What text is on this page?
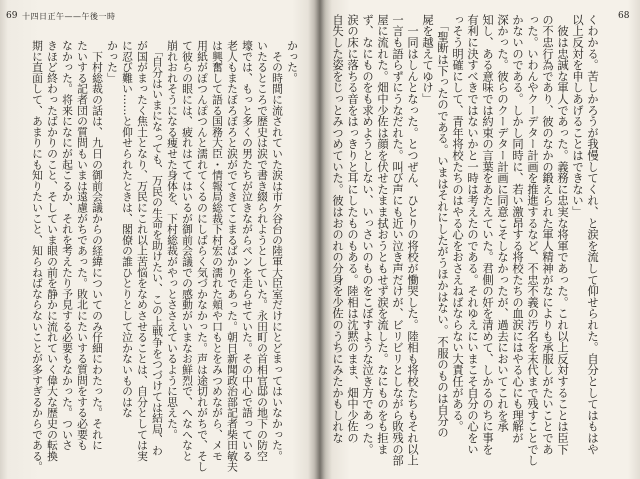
69 十四日正午——午後一時

かった。

　その時間に流されていた涙は市ケ谷台の陸軍大臣室だけにとどまってはいなかった。

いたるところで歴史は涙で書き綴られようとしていた。永田町の首相官邸の地下の防空

壕では、もっと多くの男たちが泣きながらペンを走らせていた。その中心で語っている

老人もまたぼろぼろと涙がでてきてこまるばかりであった。朝日新聞政治部記者柴田敏夫

は興奮して語る国務大臣・情報局総裁下村宏の濡れた頬や口もとをみつめながら、メモ

用紙がぽつんぽつんと濡れてくるのにしばらく気づかなかった。声は途切れがちで、そし

て彼らの眼には、疲れはててはいるが御前会議での感動がいまなお鮮烈で、へなへなと

崩れおれそうになる痩せた身体を、下村総裁がやっとささえているように思えた。

　「自分はいまになっても、万民の生命を助けたい、この上戦争をつづけては結局、わ

が国がまったく焦土となり、万民にこれ以上苦悩をなめさせることは、自分としては実

に忍び難い……と仰せられたときは、閣僚の誰ひとりとして泣かないものはな

かった」

　下村総裁の話は、九日の御前会議からの経緯についてのみ仔細にわたった。それに

たいする記者団の質問もいまは遠慮がちであった。敗北にたいする質問をする必要も

なかった。将来になにが起こるか、それを考えたり予見する必要もなかった。ついさ

きほど終わったばかりのこと、そしていま眼の前を静かに流れていく偉大な歴史の転換

期に直面して、あまりにも知りたいこと、知らねばならないことが多すぎるからである。

68

くわかる。苦しかろうが我慢してくれ、と涙を流して仰せられた。自分としてはもはや

以上反対を申しあげることはできない」

　彼は忠誠な軍人であった。義務に忠実な将軍であった。これ以上反対することは臣下

の不忠行為であり、彼のなかの鍛えられた軍人精神がなによりも承服しがたいことであ

った。いわんやクーデター計画を推進するなど、不忠不義の汚名を末代まで残すことでし

かないのである。しかし同時に、若い激昂する将校たちの血涙にはやる心にも理解が

深かった。彼らのクーデター計画に同意こそしなかったが、過去においてこれを承

知し、ある意味では約束の言葉をあたえていた。君側の奸を清めて、しかるのちに事を

有利に決すべきではないかと一時は考えたのである。それゆえにいまこそ自分の心をい

っそう明確にして、青年将校たちのはやる心をおさえねばならない大責任がある。

　「聖断は下ったのである。いまはそれにしたがうほかはない。不服のものは自分の

屍を越えてゆけ」

　一同はしんとなった。とつぜん、ひとりの将校が慟哭した。陸相も将校たちもそれ以上

一言も語らずにうなだれた。叫び声にも近い泣き声だけが、ビリビリとしながら敗残の部

屋に流れた。畑中少佐は顔を伏せたまま拭おうともせず涙を流した。なにものをも拒ま

ず、なにものをも求めようとしない、いっさいのものをこぼすような泣き方であった。

涙の床に落ちる音をはっきりと耳にしたものもある。陸相は沈黙のまま、畑中少佐の

自失した姿をじっとみつめていた。彼はおのれの分身を少佐のうちにみたかもしれな
